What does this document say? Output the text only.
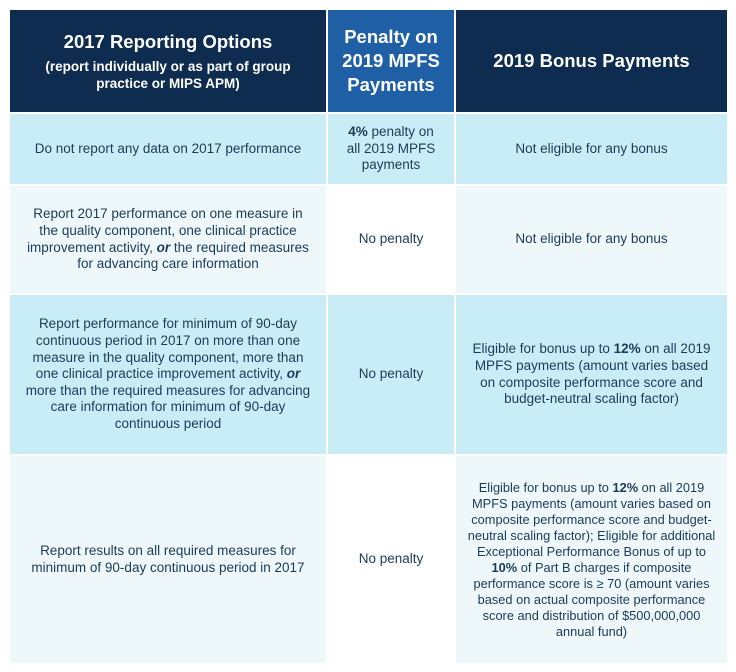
2017 Reporting Options
(report individually or as part of group practice or MIPS APM)
Penalty on 2019 MPFS Payments
2019 Bonus Payments
Do not report any data on 2017 performance
4% penalty on all 2019 MPFS payments
Not eligible for any bonus
Report 2017 performance on one measure in the quality component, one clinical practice improvement activity, or the required measures for advancing care information
No penalty	Not eligible for any bonus
Report performance for minimum of 90-day continuous period in 2017 on more than one measure in the quality component, more than one clinical practice improvement activity, or more than the required measures for advancing care information for minimum of 90-day continuous period
No penalty
Eligible for bonus up to 12% on all 2019 MPFS payments (amount varies based on composite performance score and budget-neutral scaling factor)
Report results on all required measures for minimum of 90-day continuous period in 2017
No penalty
Eligible for bonus up to 12% on all 2019 MPFS payments (amount varies based on composite performance score and budget-neutral scaling factor); Eligible for additional Exceptional Performance Bonus of up to 10% of Part B charges if composite performance score is ≥ 70 (amount varies based on actual composite performance score and distribution of $500,000,000 annual fund)
